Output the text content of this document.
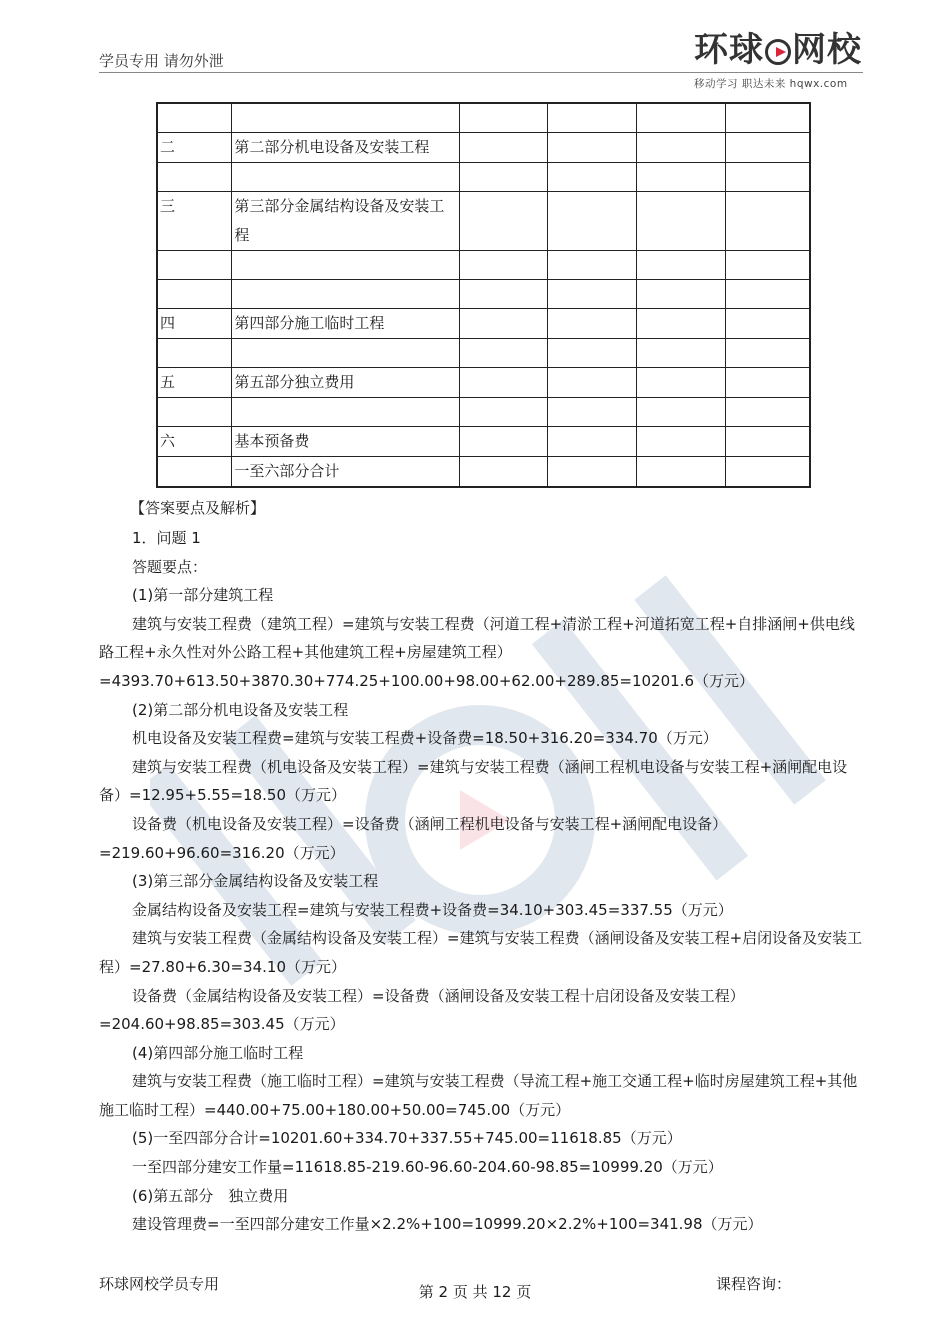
学员专用 请勿外泄	环球 网校
移动学习 职达未来 hqwx.com

二	第二部分机电设备及安装工程				

三	第三部分金属结构设备及安装工程				

四	第四部分施工临时工程				

五	第五部分独立费用				

六	基本预备费				
	一至六部分合计				
【答案要点及解析】

1．问题 1

答题要点：

(1)第一部分建筑工程

建筑与安装工程费（建筑工程）=建筑与安装工程费（河道工程+清淤工程+河道拓宽工程+自排涵闸+供电线路工程+永久性对外公路工程+其他建筑工程+房屋建筑工程）

=4393.70+613.50+3870.30+774.25+100.00+98.00+62.00+289.85=10201.6（万元）

(2)第二部分机电设备及安装工程

机电设备及安装工程费=建筑与安装工程费+设备费=18.50+316.20=334.70（万元）

建筑与安装工程费（机电设备及安装工程）=建筑与安装工程费（涵闸工程机电设备与安装工程+涵闸配电设备）=12.95+5.55=18.50（万元）

设备费（机电设备及安装工程）=设备费（涵闸工程机电设备与安装工程+涵闸配电设备）

=219.60+96.60=316.20（万元）

(3)第三部分金属结构设备及安装工程

金属结构设备及安装工程=建筑与安装工程费+设备费=34.10+303.45=337.55（万元）

建筑与安装工程费（金属结构设备及安装工程）=建筑与安装工程费（涵闸设备及安装工程+启闭设备及安装工程）=27.80+6.30=34.10（万元）

设备费（金属结构设备及安装工程）=设备费（涵闸设备及安装工程十启闭设备及安装工程）

=204.60+98.85=303.45（万元）

(4)第四部分施工临时工程

建筑与安装工程费（施工临时工程）=建筑与安装工程费（导流工程+施工交通工程+临时房屋建筑工程+其他施工临时工程）=440.00+75.00+180.00+50.00=745.00（万元）

(5)一至四部分合计=10201.60+334.70+337.55+745.00=11618.85（万元）

一至四部分建安工作量=11618.85-219.60-96.60-204.60-98.85=10999.20（万元）

(6)第五部分　独立费用

建设管理费=一至四部分建安工作量×2.2%+100=10999.20×2.2%+100=341.98（万元）

环球网校学员专用	第 2 页 共 12 页	课程咨询：
